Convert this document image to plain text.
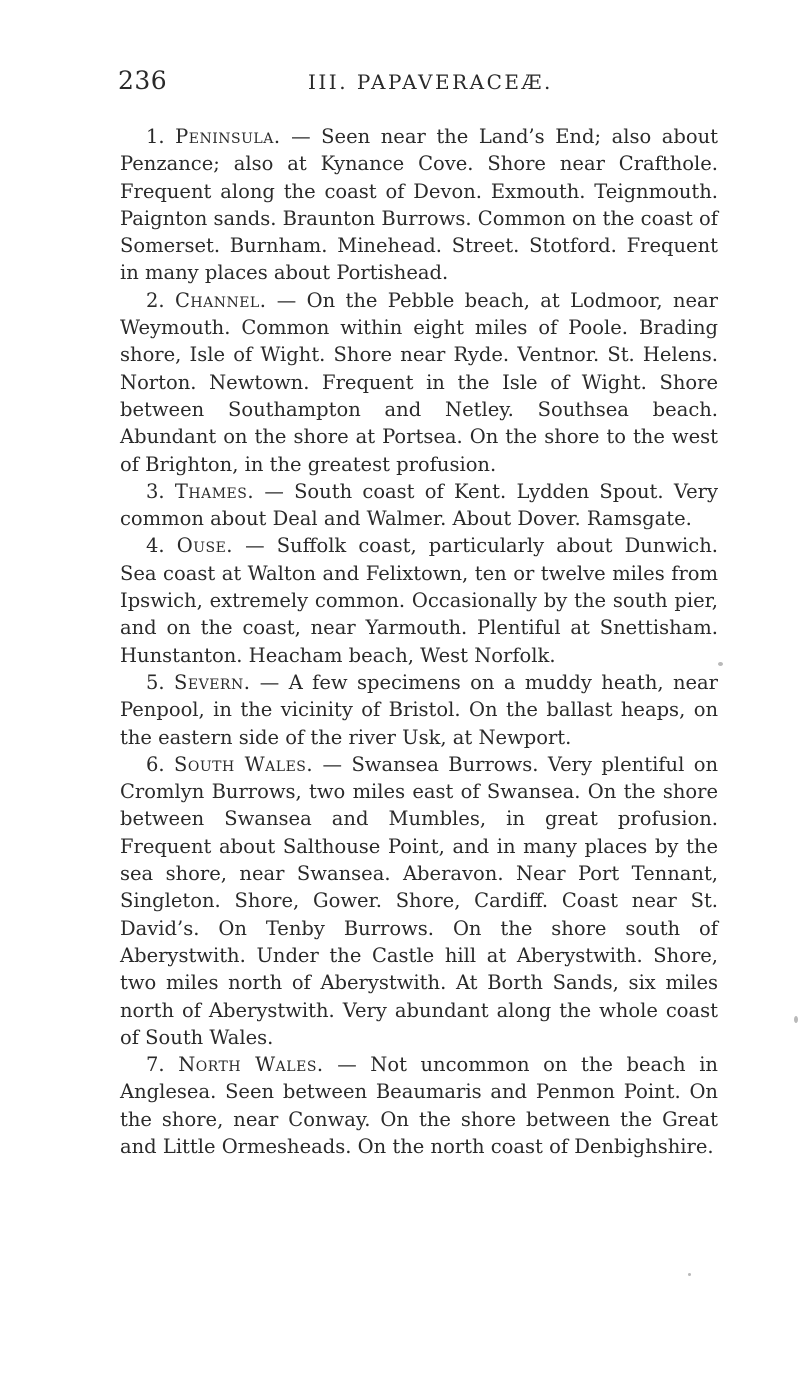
236	III. PAPAVERACEÆ.

1. Peninsula. — Seen near the Land’s End; also about Penzance; also at Kynance Cove. Shore near Crafthole. Frequent along the coast of Devon. Exmouth. Teignmouth. Paignton sands. Braunton Burrows. Common on the coast of Somerset. Burnham. Minehead. Street. Stotford. Frequent in many places about Portishead.

2. Channel. — On the Pebble beach, at Lodmoor, near Weymouth. Common within eight miles of Poole. Brading shore, Isle of Wight. Shore near Ryde. Ventnor. St. Helens. Norton. Newtown. Frequent in the Isle of Wight. Shore between Southampton and Netley. Southsea beach. Abundant on the shore at Portsea. On the shore to the west of Brighton, in the greatest profusion.

3. Thames. — South coast of Kent. Lydden Spout. Very common about Deal and Walmer. About Dover. Ramsgate.

4. Ouse. — Suffolk coast, particularly about Dunwich. Sea coast at Walton and Felixtown, ten or twelve miles from Ipswich, extremely common. Occasionally by the south pier, and on the coast, near Yarmouth. Plentiful at Snettisham. Hunstanton. Heacham beach, West Norfolk.

5. Severn. — A few specimens on a muddy heath, near Penpool, in the vicinity of Bristol. On the ballast heaps, on the eastern side of the river Usk, at Newport.

6. South Wales. — Swansea Burrows. Very plentiful on Cromlyn Burrows, two miles east of Swansea. On the shore between Swansea and Mumbles, in great profusion. Frequent about Salthouse Point, and in many places by the sea shore, near Swansea. Aberavon. Near Port Tennant, Singleton. Shore, Gower. Shore, Cardiff. Coast near St. David’s. On Tenby Burrows. On the shore south of Aberystwith. Under the Castle hill at Aberystwith. Shore, two miles north of Aberystwith. At Borth Sands, six miles north of Aberystwith. Very abundant along the whole coast of South Wales.

7. North Wales. — Not uncommon on the beach in Anglesea. Seen between Beaumaris and Penmon Point. On the shore, near Conway. On the shore between the Great and Little Ormesheads. On the north coast of Denbighshire.
